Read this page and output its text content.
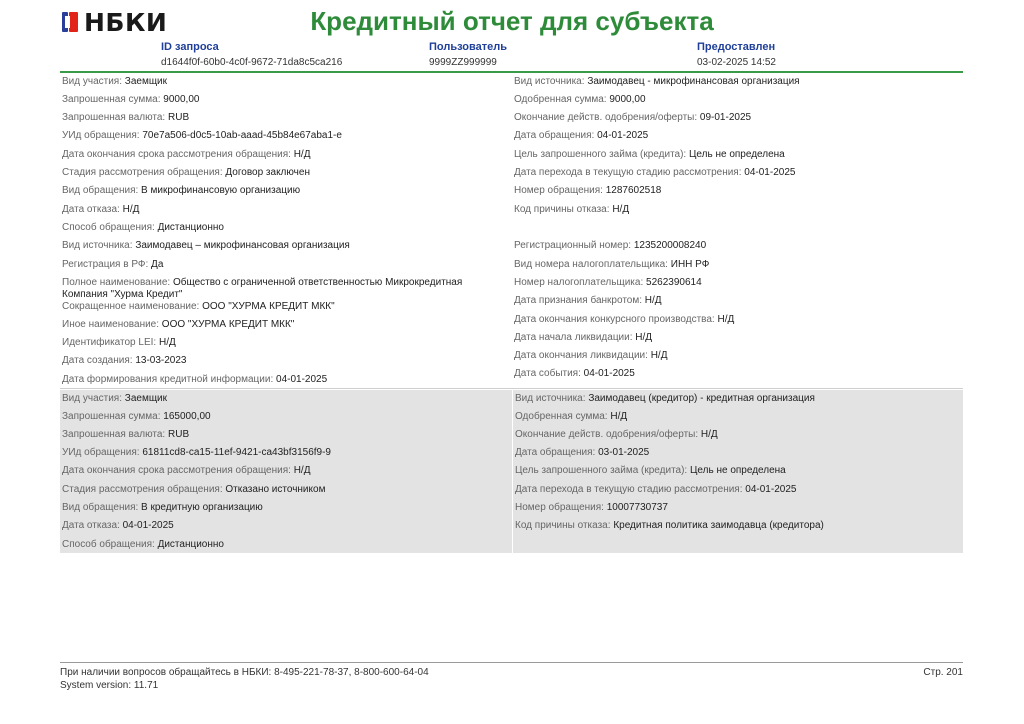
НБКИ	Кредитный отчет для субъекта
ID запроса
d1644f0f-60b0-4c0f-9672-71da8c5ca216
Пользователь
9999ZZ999999
Предоставлен
03-02-2025 14:52
Вид участия: Заемщик
Запрошенная сумма: 9000,00
Запрошенная валюта: RUB
УИд обращения: 70e7a506-d0c5-10ab-aaad-45b84e67aba1-e
Дата окончания срока рассмотрения обращения: Н/Д
Стадия рассмотрения обращения: Договор заключен
Вид обращения: В микрофинансовую организацию
Дата отказа: Н/Д
Способ обращения: Дистанционно
Вид источника: Заимодавец – микрофинансовая организация
Регистрация в РФ: Да
Полное наименование: Общество с ограниченной ответственностью Микрокредитная Компания "Хурма Кредит"
Сокращенное наименование: ООО "ХУРМА КРЕДИТ МКК"
Иное наименование: ООО "ХУРМА КРЕДИТ МКК"
Идентификатор LEI: Н/Д
Дата создания: 13-03-2023
Дата формирования кредитной информации: 04-01-2025
Вид источника: Заимодавец - микрофинансовая организация
Одобренная сумма: 9000,00
Окончание действ. одобрения/оферты: 09-01-2025
Дата обращения: 04-01-2025
Цель запрошенного займа (кредита): Цель не определена
Дата перехода в текущую стадию рассмотрения: 04-01-2025
Номер обращения: 1287602518
Код причины отказа: Н/Д
Регистрационный номер: 1235200008240
Вид номера налогоплательщика: ИНН РФ
Номер налогоплательщика: 5262390614
Дата признания банкротом: Н/Д
Дата окончания конкурсного производства: Н/Д
Дата начала ликвидации: Н/Д
Дата окончания ликвидации: Н/Д
Дата события: 04-01-2025
Вид участия: Заемщик
Запрошенная сумма: 165000,00
Запрошенная валюта: RUB
УИд обращения: 61811cd8-ca15-11ef-9421-ca43bf3156f9-9
Дата окончания срока рассмотрения обращения: Н/Д
Стадия рассмотрения обращения: Отказано источником
Вид обращения: В кредитную организацию
Дата отказа: 04-01-2025
Способ обращения: Дистанционно
Вид источника: Заимодавец (кредитор) - кредитная организация
Одобренная сумма: Н/Д
Окончание действ. одобрения/оферты: Н/Д
Дата обращения: 03-01-2025
Цель запрошенного займа (кредита): Цель не определена
Дата перехода в текущую стадию рассмотрения: 04-01-2025
Номер обращения: 10007730737
Код причины отказа: Кредитная политика заимодавца (кредитора)
При наличии вопросов обращайтесь в НБКИ: 8-495-221-78-37, 8-800-600-64-04
System version: 11.71
Стр. 201
